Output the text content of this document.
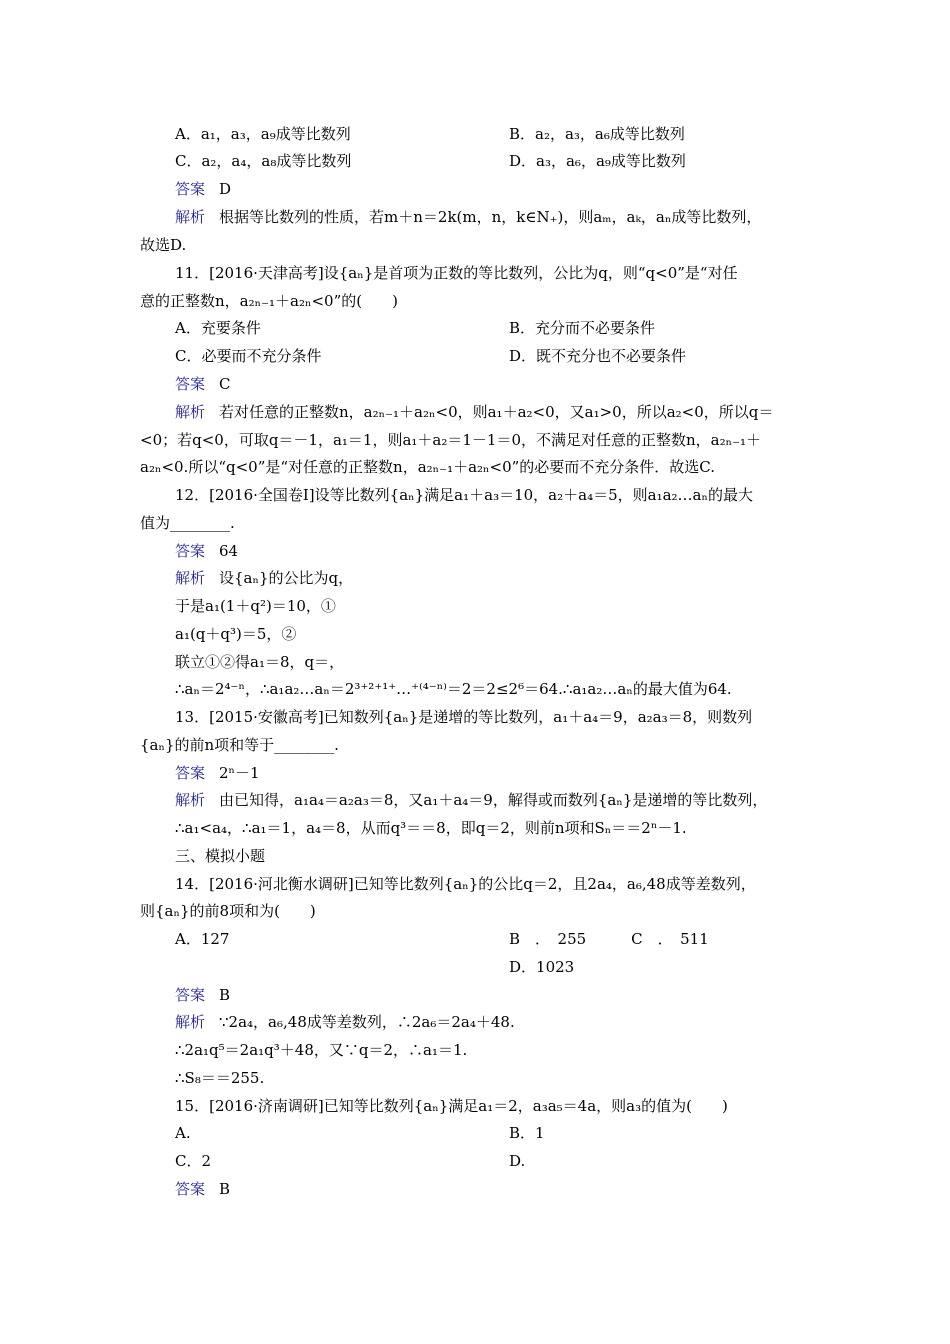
A．a₁，a₃，a₉成等比数列	B．a₂，a₃，a₆成等比数列
C．a₂，a₄，a₈成等比数列	D．a₃，a₆，a₉成等比数列
答案 D
解析 根据等比数列的性质，若m＋n＝2k(m，n，k∈N₊)，则aₘ，aₖ，aₙ成等比数列，
故选D.
11．[2016·天津高考]设{aₙ}是首项为正数的等比数列，公比为q，则“q<0”是“对任
意的正整数n，a₂ₙ₋₁＋a₂ₙ<0”的(　　)
A．充要条件	B．充分而不必要条件
C．必要而不充分条件	D．既不充分也不必要条件
答案 C
解析 若对任意的正整数n，a₂ₙ₋₁＋a₂ₙ<0，则a₁＋a₂<0，又a₁>0，所以a₂<0，所以q＝
<0；若q<0，可取q＝－1，a₁＝1，则a₁＋a₂＝1－1＝0，不满足对任意的正整数n，a₂ₙ₋₁＋
a₂ₙ<0.所以“q<0”是“对任意的正整数n，a₂ₙ₋₁＋a₂ₙ<0”的必要而不充分条件．故选C.
12．[2016·全国卷Ⅰ]设等比数列{aₙ}满足a₁＋a₃＝10，a₂＋a₄＝5，则a₁a₂…aₙ的最大
值为________.
答案 64
解析 设{aₙ}的公比为q，
于是a₁(1＋q²)＝10，①
a₁(q＋q³)＝5，②
联立①②得a₁＝8，q＝，
∴aₙ＝2⁴⁻ⁿ，∴a₁a₂…aₙ＝2³⁺²⁺¹⁺…⁺⁽⁴⁻ⁿ⁾＝2＝2≤2⁶＝64.∴a₁a₂…aₙ的最大值为64.
13．[2015·安徽高考]已知数列{aₙ}是递增的等比数列，a₁＋a₄＝9，a₂a₃＝8，则数列
{aₙ}的前n项和等于________.
答案 2ⁿ－1
解析 由已知得，a₁a₄＝a₂a₃＝8，又a₁＋a₄＝9，解得或而数列{aₙ}是递增的等比数列，
∴a₁<a₄，∴a₁＝1，a₄＝8，从而q³＝＝8，即q＝2，则前n项和Sₙ＝＝2ⁿ－1.
三、模拟小题
14．[2016·河北衡水调研]已知等比数列{aₙ}的公比q＝2，且2a₄，a₆,48成等差数列，
则{aₙ}的前8项和为(　　)
A．127	B　．　255　　　C　．　511
D．1023
答案 B
解析 ∵2a₄，a₆,48成等差数列，∴2a₆＝2a₄＋48.
∴2a₁q⁵＝2a₁q³＋48，又∵q＝2，∴a₁＝1.
∴S₈＝＝255.
15．[2016·济南调研]已知等比数列{aₙ}满足a₁＝2，a₃a₅＝4a，则a₃的值为(　　)
A.	B．1
C．2	D.
答案 B
